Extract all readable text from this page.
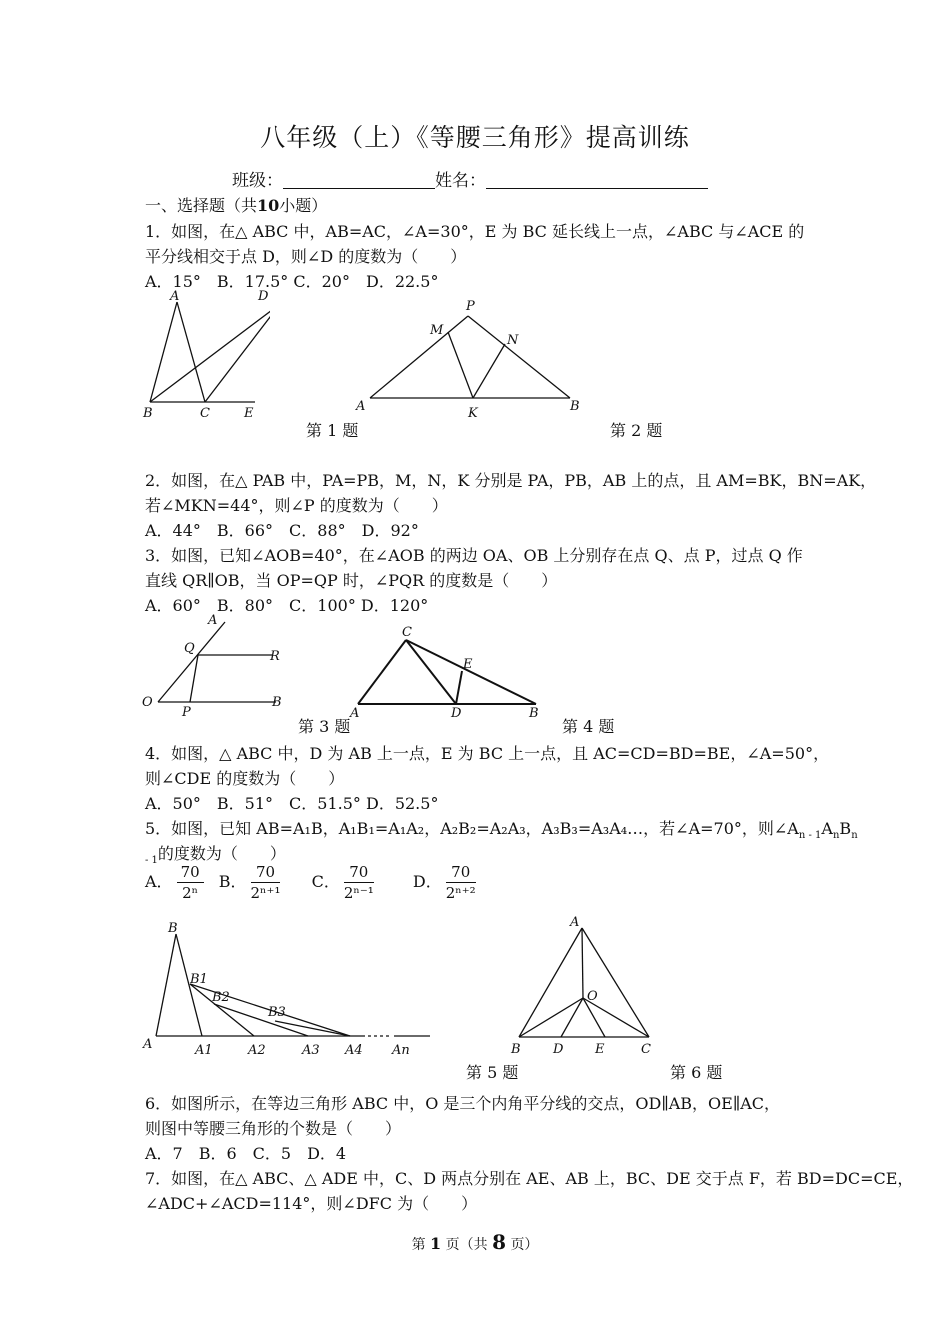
八年级（上）《等腰三角形》提高训练
班级：	姓名：
一、选择题（共10小题）
1．如图，在△ ABC 中，AB=AC，∠A=30°，E 为 BC 延长线上一点，∠ABC 与∠ACE 的
平分线相交于点 D，则∠D 的度数为（　　）
A．15°　B．17.5° C．20°　D．22.5°
A	D
B	C	E
P
M
N
A	K	B
第 1 题	第 2 题
2．如图，在△ PAB 中，PA=PB，M，N，K 分别是 PA，PB，AB 上的点，且 AM=BK，BN=AK，
若∠MKN=44°，则∠P 的度数为（　　）
A．44°　B．66°　C．88°　D．92°
3．如图，已知∠AOB=40°，在∠AOB 的两边 OA、OB 上分别存在点 Q、点 P，过点 Q 作
直线 QR∥OB，当 OP=QP 时，∠PQR 的度数是（　　）
A．60°　B．80°　C．100° D．120°
A
Q
R
O
P
B
C
E
A	D	B
第 3 题	第 4 题
4．如图，△ ABC 中，D 为 AB 上一点，E 为 BC 上一点，且 AC=CD=BD=BE，∠A=50°，
则∠CDE 的度数为（　　）
A．50°　B．51°　C．51.5° D．52.5°
5．如图，已知 AB=A₁B，A₁B₁=A₁A₂，A₂B₂=A₂A₃，A₃B₃=A₃A₄…，若∠A=70°，则$\angle A_{n - 1}A_nB_n$
$_{- 1}$的度数为（　　）
A． $\frac{70}{\text{2ⁿ}}$ B． $\frac{70}{\text{2ⁿ⁺¹}}$ C． $\frac{70}{\text{2ⁿ⁻¹}}$ D． $\frac{70}{\text{2ⁿ⁺²}}$
B
B1
B2
B3
A	A1	A2	A3 A4 An
A
O
B D E	C
第 5 题	第 6 题
6．如图所示，在等边三角形 ABC 中，O 是三个内角平分线的交点，OD∥AB，OE∥AC，
则图中等腰三角形的个数是（　　）
A．7　B．6　C．5　D．4
7．如图，在△ ABC、△ ADE 中，C、D 两点分别在 AE、AB 上，BC、DE 交于点 F，若 BD=DC=CE，
∠ADC+∠ACD=114°，则∠DFC 为（　　）
第 1 页（共 8 页）
